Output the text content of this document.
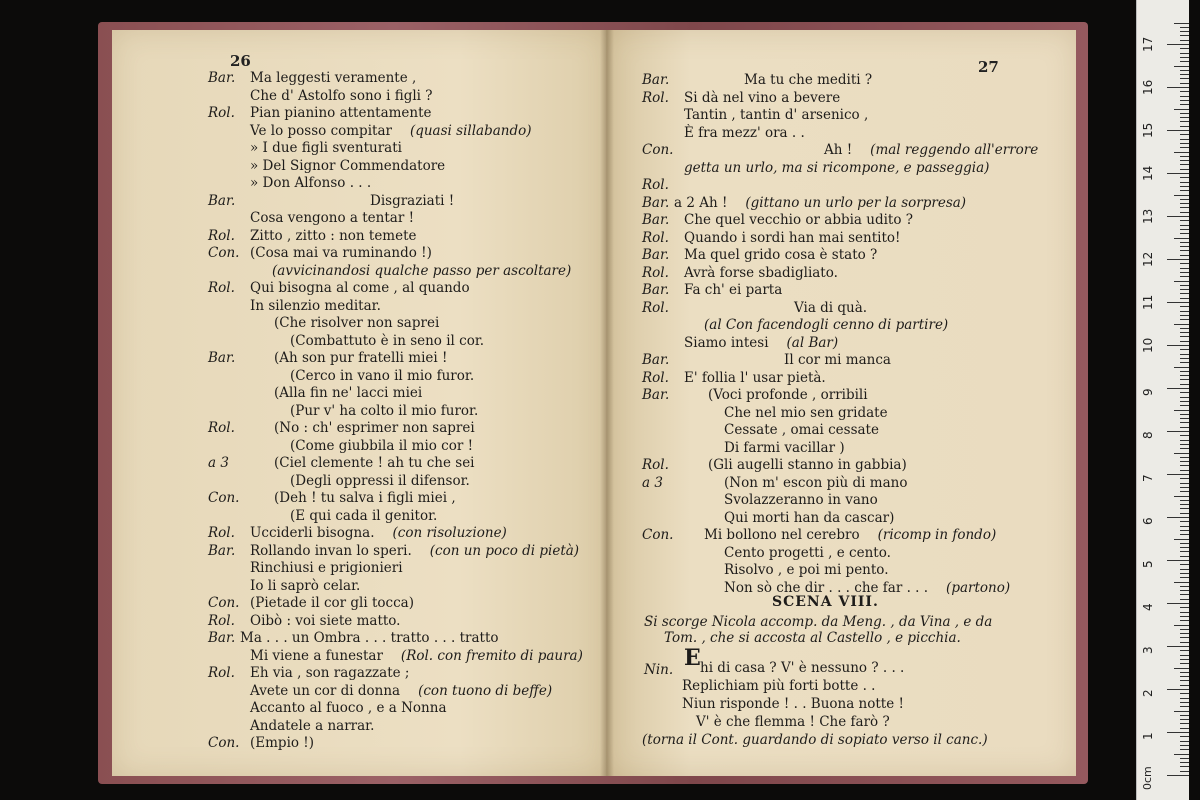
26
Bar. Ma leggesti veramente ,
Che d' Astolfo sono i figli ?
Rol. Pian pianino attentamente
Ve lo posso compitar (quasi sillabando)
» I due figli sventurati
» Del Signor Commendatore
» Don Alfonso . . .
Bar.	Disgraziati !
Cosa vengono a tentar !
Rol. Zitto , zitto : non temete
Con. (Cosa mai va ruminando !)
(avvicinandosi qualche passo per ascoltare)
Rol. Qui bisogna al come , al quando
In silenzio meditar.
(Che risolver non saprei
(Combattuto è in seno il cor.
Bar.	(Ah son pur fratelli miei !
(Cerco in vano il mio furor.
(Alla fin ne' lacci miei
(Pur v' ha colto il mio furor.
Rol.	(No : ch' esprimer non saprei
(Come giubbila il mio cor !
a 3	(Ciel clemente ! ah tu che sei
(Degli oppressi il difensor.
Con.	(Deh ! tu salva i figli miei ,
(E qui cada il genitor.
Rol. Ucciderli bisogna. (con risoluzione)
Bar. Rollando invan lo speri. (con un poco di pietà)
Rinchiusi e prigionieri
Io li saprò celar.
Con. (Pietade il cor gli tocca)
Rol. Oibò : voi siete matto.
Bar. Ma . . . un Ombra . . . tratto . . . tratto
Mi viene a funestar (Rol. con fremito di paura)
Rol. Eh via , son ragazzate ;
Avete un cor di donna (con tuono di beffe)
Accanto al fuoco , e a Nonna
Andatele a narrar.
Con. (Empio !)
27
Bar.	Ma tu che mediti ?
Rol. Si dà nel vino a bevere
Tantin , tantin d' arsenico ,
È fra mezz' ora . .
Con.	Ah ! (mal reggendo all'errore
getta un urlo, ma si ricompone, e passeggia)
Rol.
Bar. a 2 Ah ! (gittano un urlo per la sorpresa)
Bar. Che quel vecchio or abbia udito ?
Rol. Quando i sordi han mai sentito!
Bar. Ma quel grido cosa è stato ?
Rol. Avrà forse sbadigliato.
Bar. Fa ch' ei parta
Rol.	Via di quà.
(al Con facendogli cenno di partire)
Siamo intesi (al Bar)
Bar.	Il cor mi manca
Rol. E' follia l' usar pietà.
Bar.	(Voci profonde , orribili
Che nel mio sen gridate
Cessate , omai cessate
Di farmi vacillar )
Rol.	(Gli augelli stanno in gabbia)
a 3	(Non m' escon più di mano
Svolazzeranno in vano
Qui morti han da cascar)
Con. Mi bollono nel cerebro (ricomp in fondo)
Cento progetti , e cento.
Risolvo , e poi mi pento.
Non sò che dir . . . che far . . . (partono)
SCENA VIII.
Si scorge Nicola accomp. da Meng. , da Vina , e da
Tom. , che si accosta al Castello , e picchia.
Nin. E hi di casa ? V' è nessuno ? . . .
Replichiam più forti botte . .
Niun risponde ! . . Buona notte !
V' è che flemma ! Che farò ?
(torna il Cont. guardando di sopiato verso il canc.)
0cm
1
2
3
4
5
6
7
8
9
10
11
12
13
14
15
16
17
